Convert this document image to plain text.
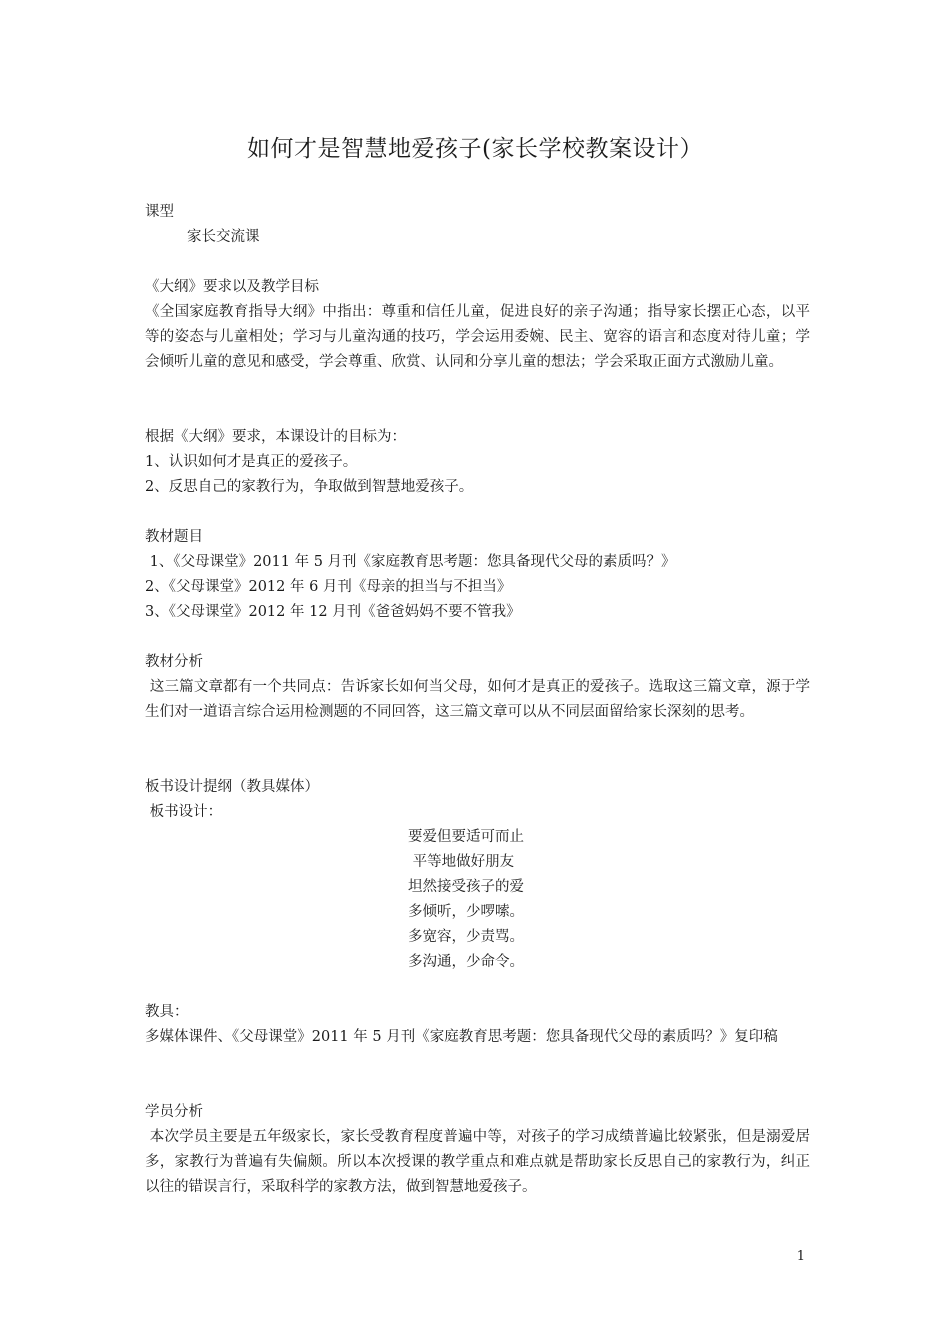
如何才是智慧地爱孩子(家长学校教案设计）
课型
家长交流课
《大纲》要求以及教学目标
《全国家庭教育指导大纲》中指出：尊重和信任儿童，促进良好的亲子沟通；指导家长摆正心态，以平等的姿态与儿童相处；学习与儿童沟通的技巧，学会运用委婉、民主、宽容的语言和态度对待儿童；学会倾听儿童的意见和感受，学会尊重、欣赏、认同和分享儿童的想法；学会采取正面方式激励儿童。
根据《大纲》要求，本课设计的目标为：
1、认识如何才是真正的爱孩子。
2、反思自己的家教行为，争取做到智慧地爱孩子。
教材题目
1、《父母课堂》2011 年 5 月刊《家庭教育思考题：您具备现代父母的素质吗？》
2、《父母课堂》2012 年 6 月刊《母亲的担当与不担当》
3、《父母课堂》2012 年 12 月刊《爸爸妈妈不要不管我》
教材分析
这三篇文章都有一个共同点：告诉家长如何当父母，如何才是真正的爱孩子。选取这三篇文章，源于学生们对一道语言综合运用检测题的不同回答，这三篇文章可以从不同层面留给家长深刻的思考。
板书设计提纲（教具媒体）
板书设计：
要爱但要适可而止
平等地做好朋友
坦然接受孩子的爱
多倾听，少啰嗦。
多宽容，少责骂。
多沟通，少命令。
教具：
多媒体课件、《父母课堂》2011 年 5 月刊《家庭教育思考题：您具备现代父母的素质吗？》复印稿
学员分析
本次学员主要是五年级家长，家长受教育程度普遍中等，对孩子的学习成绩普遍比较紧张，但是溺爱居多，家教行为普遍有失偏颇。所以本次授课的教学重点和难点就是帮助家长反思自己的家教行为，纠正以往的错误言行，采取科学的家教方法，做到智慧地爱孩子。
1
